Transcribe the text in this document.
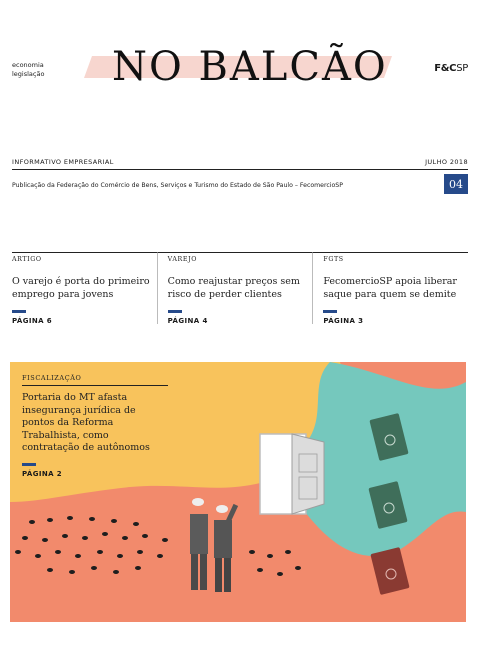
economia
legislação NO BALCÃO	F&CSP
INFORMATIVO EMPRESARIAL	JULHO 2018
Publicação da Federação do Comércio de Bens, Serviços e Turismo do Estado de São Paulo – FecomercioSP	04
ARTIGO
O varejo é porta do primeiro emprego para jovens
PÁGINA 6
VAREJO
Como reajustar preços sem risco de perder clientes
PÁGINA 4
FGTS
FecomercioSP apoia liberar saque para quem se demite
PÁGINA 3
FISCALIZAÇÃO
Portaria do MT afasta insegurança jurídica de pontos da Reforma Trabalhista, como contratação de autônomos
PÁGINA 2
